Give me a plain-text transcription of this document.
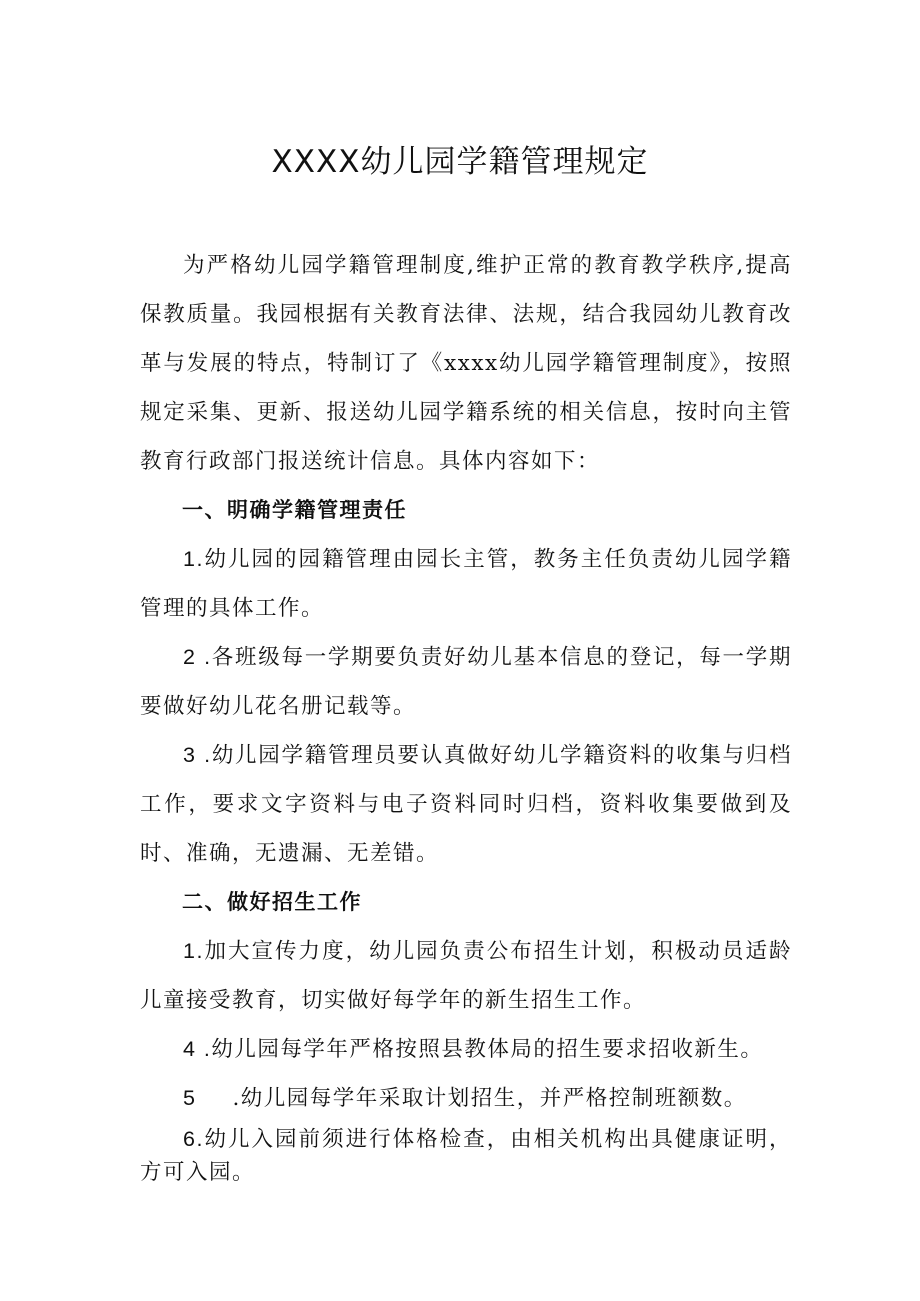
XXXX幼儿园学籍管理规定

为严格幼儿园学籍管理制度,维护正常的教育教学秩序,提高保教质量。我园根据有关教育法律、法规，结合我园幼儿教育改革与发展的特点，特制订了《xxxx幼儿园学籍管理制度》，按照规定采集、更新、报送幼儿园学籍系统的相关信息，按时向主管教育行政部门报送统计信息。具体内容如下：

一、明确学籍管理责任

1.幼儿园的园籍管理由园长主管，教务主任负责幼儿园学籍管理的具体工作。

2 .各班级每一学期要负责好幼儿基本信息的登记，每一学期要做好幼儿花名册记载等。

3 .幼儿园学籍管理员要认真做好幼儿学籍资料的收集与归档工作，要求文字资料与电子资料同时归档，资料收集要做到及时、准确，无遗漏、无差错。

二、做好招生工作

1.加大宣传力度，幼儿园负责公布招生计划，积极动员适龄儿童接受教育，切实做好每学年的新生招生工作。

4 .幼儿园每学年严格按照县教体局的招生要求招收新生。

5 .幼儿园每学年采取计划招生，并严格控制班额数。

6.幼儿入园前须进行体格检查，由相关机构出具健康证明，方可入园。
